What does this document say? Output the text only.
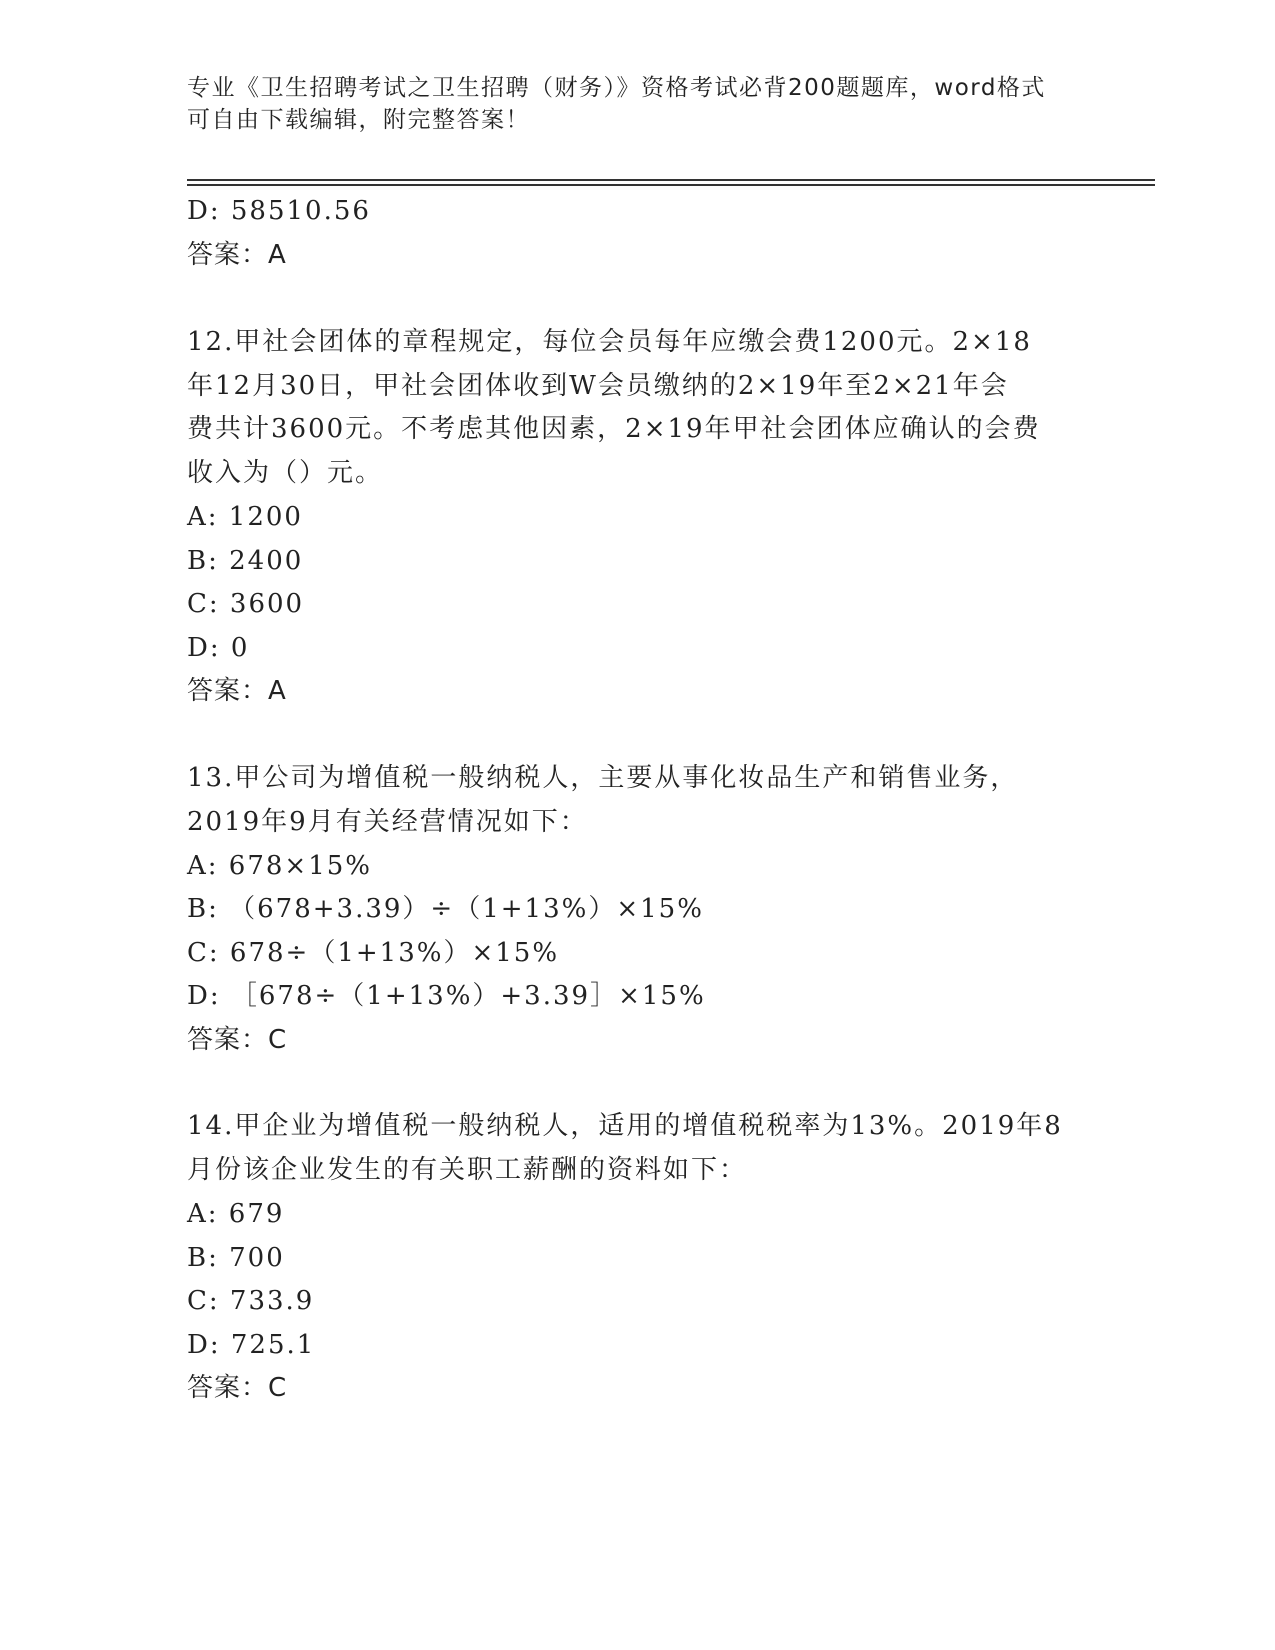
专业《卫生招聘考试之卫生招聘（财务）》资格考试必背200题题库，word格式
可自由下载编辑，附完整答案！
D: 58510.56
答案：A
12.甲社会团体的章程规定，每位会员每年应缴会费1200元。2×18
年12月30日，甲社会团体收到W会员缴纳的2×19年至2×21年会
费共计3600元。不考虑其他因素，2×19年甲社会团体应确认的会费
收入为（）元。
A: 1200
B: 2400
C: 3600
D: 0
答案：A
13.甲公司为增值税一般纳税人，主要从事化妆品生产和销售业务，
2019年9月有关经营情况如下：
A: 678×15%
B: （678+3.39）÷（1+13%）×15%
C: 678÷（1+13%）×15%
D: ［678÷（1+13%）+3.39］×15%
答案：C
14.甲企业为增值税一般纳税人，适用的增值税税率为13%。2019年8
月份该企业发生的有关职工薪酬的资料如下：
A: 679
B: 700
C: 733.9
D: 725.1
答案：C
